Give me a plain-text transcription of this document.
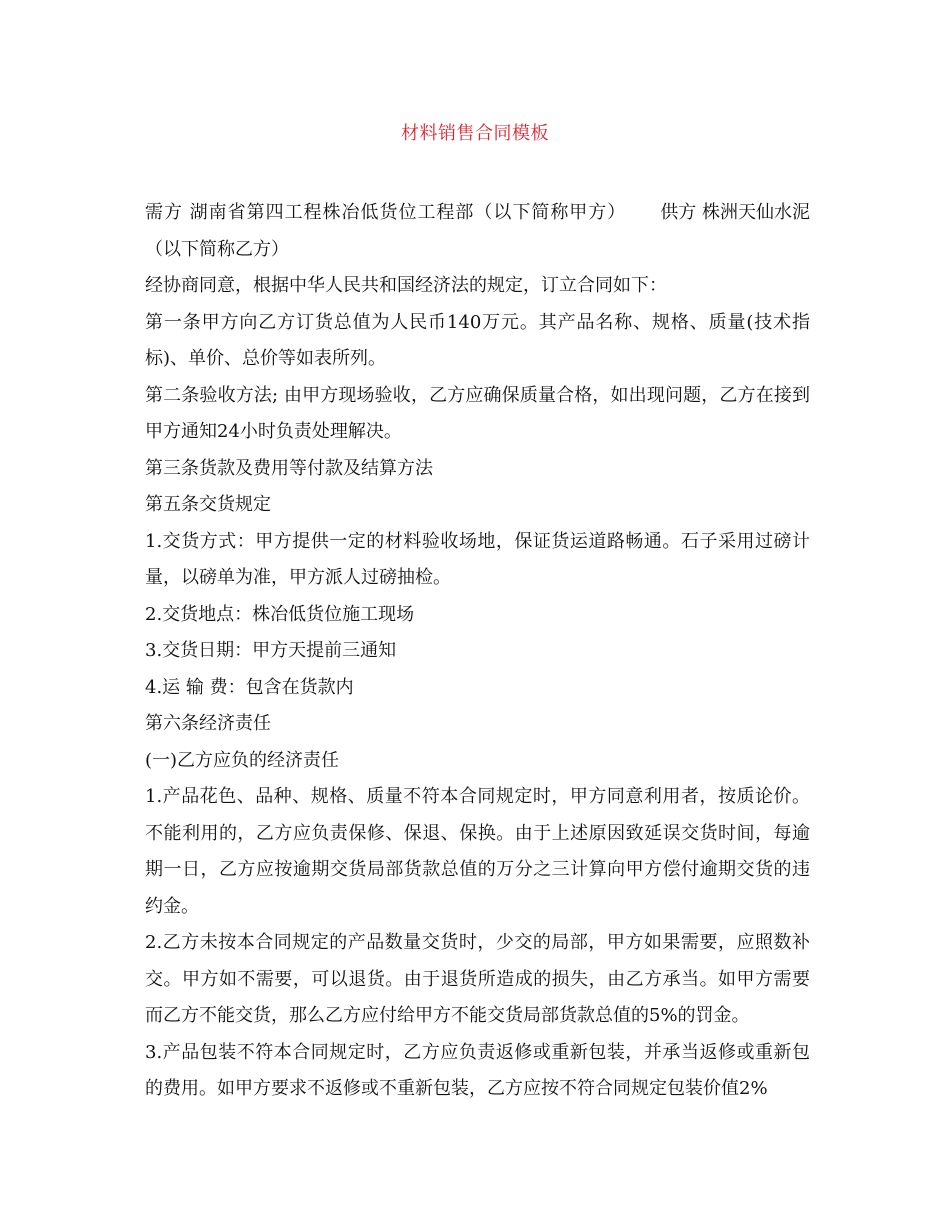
材料销售合同模板

需方 湖南省第四工程株冶低货位工程部（以下简称甲方） 供方 株洲天仙水泥（以下简称乙方）

经协商同意，根据中华人民共和国经济法的规定，订立合同如下：

第一条甲方向乙方订货总值为人民币140万元。其产品名称、规格、质量(技术指标)、单价、总价等如表所列。

第二条验收方法; 由甲方现场验收，乙方应确保质量合格，如出现问题，乙方在接到甲方通知24小时负责处理解决。

第三条货款及费用等付款及结算方法

第五条交货规定

1.交货方式：甲方提供一定的材料验收场地，保证货运道路畅通。石子采用过磅计量，以磅单为准，甲方派人过磅抽检。

2.交货地点：株冶低货位施工现场

3.交货日期：甲方天提前三通知

4.运 输 费：包含在货款内

第六条经济责任

(一)乙方应负的经济责任

1.产品花色、品种、规格、质量不符本合同规定时，甲方同意利用者，按质论价。不能利用的，乙方应负责保修、保退、保换。由于上述原因致延误交货时间，每逾期一日，乙方应按逾期交货局部货款总值的万分之三计算向甲方偿付逾期交货的违约金。

2.乙方未按本合同规定的产品数量交货时，少交的局部，甲方如果需要，应照数补交。甲方如不需要，可以退货。由于退货所造成的损失，由乙方承当。如甲方需要而乙方不能交货，那么乙方应付给甲方不能交货局部货款总值的5%的罚金。

3.产品包装不符本合同规定时，乙方应负责返修或重新包装，并承当返修或重新包的费用。如甲方要求不返修或不重新包装，乙方应按不符合同规定包装价值2%
